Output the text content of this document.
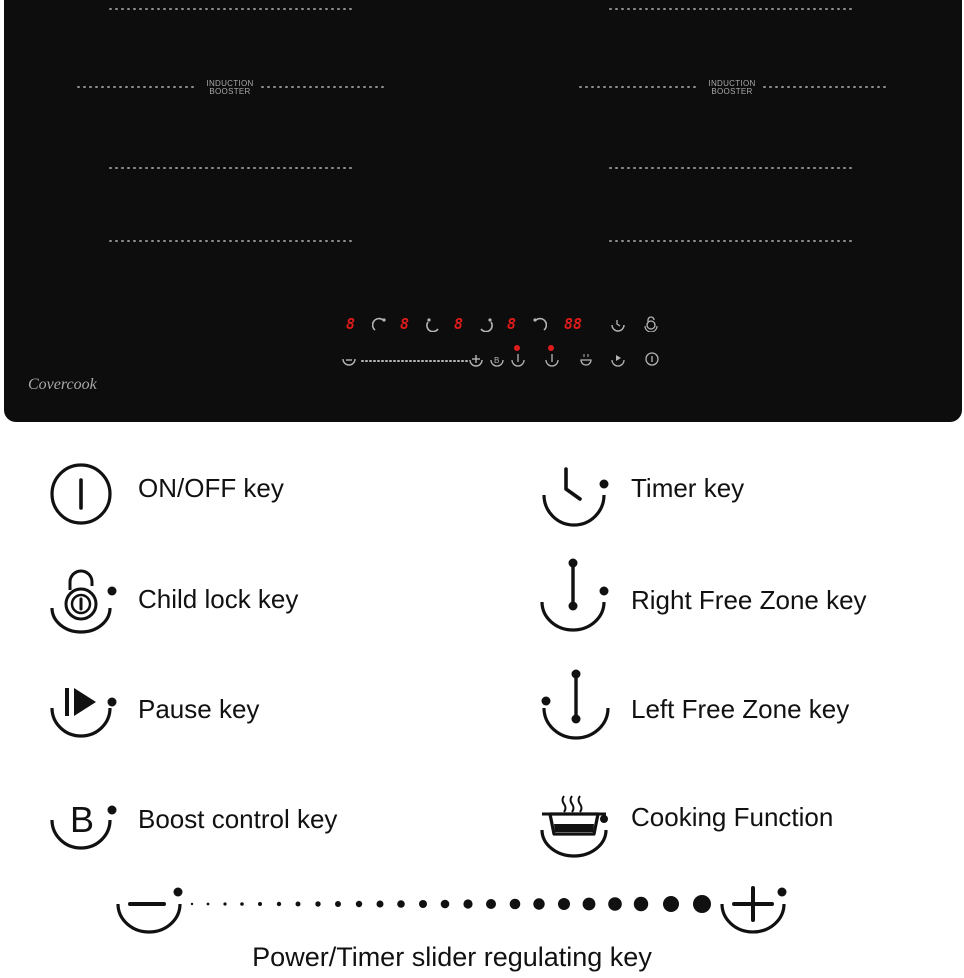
INDUCTION
BOOSTER
INDUCTION
BOOSTER
8	8	8	8	88
B
Covercook
ON/OFF key	Timer key
Child lock key	Right Free Zone key
Pause key	Left Free Zone key
B Boost control key	Cooking Function
Power/Timer slider regulating key
